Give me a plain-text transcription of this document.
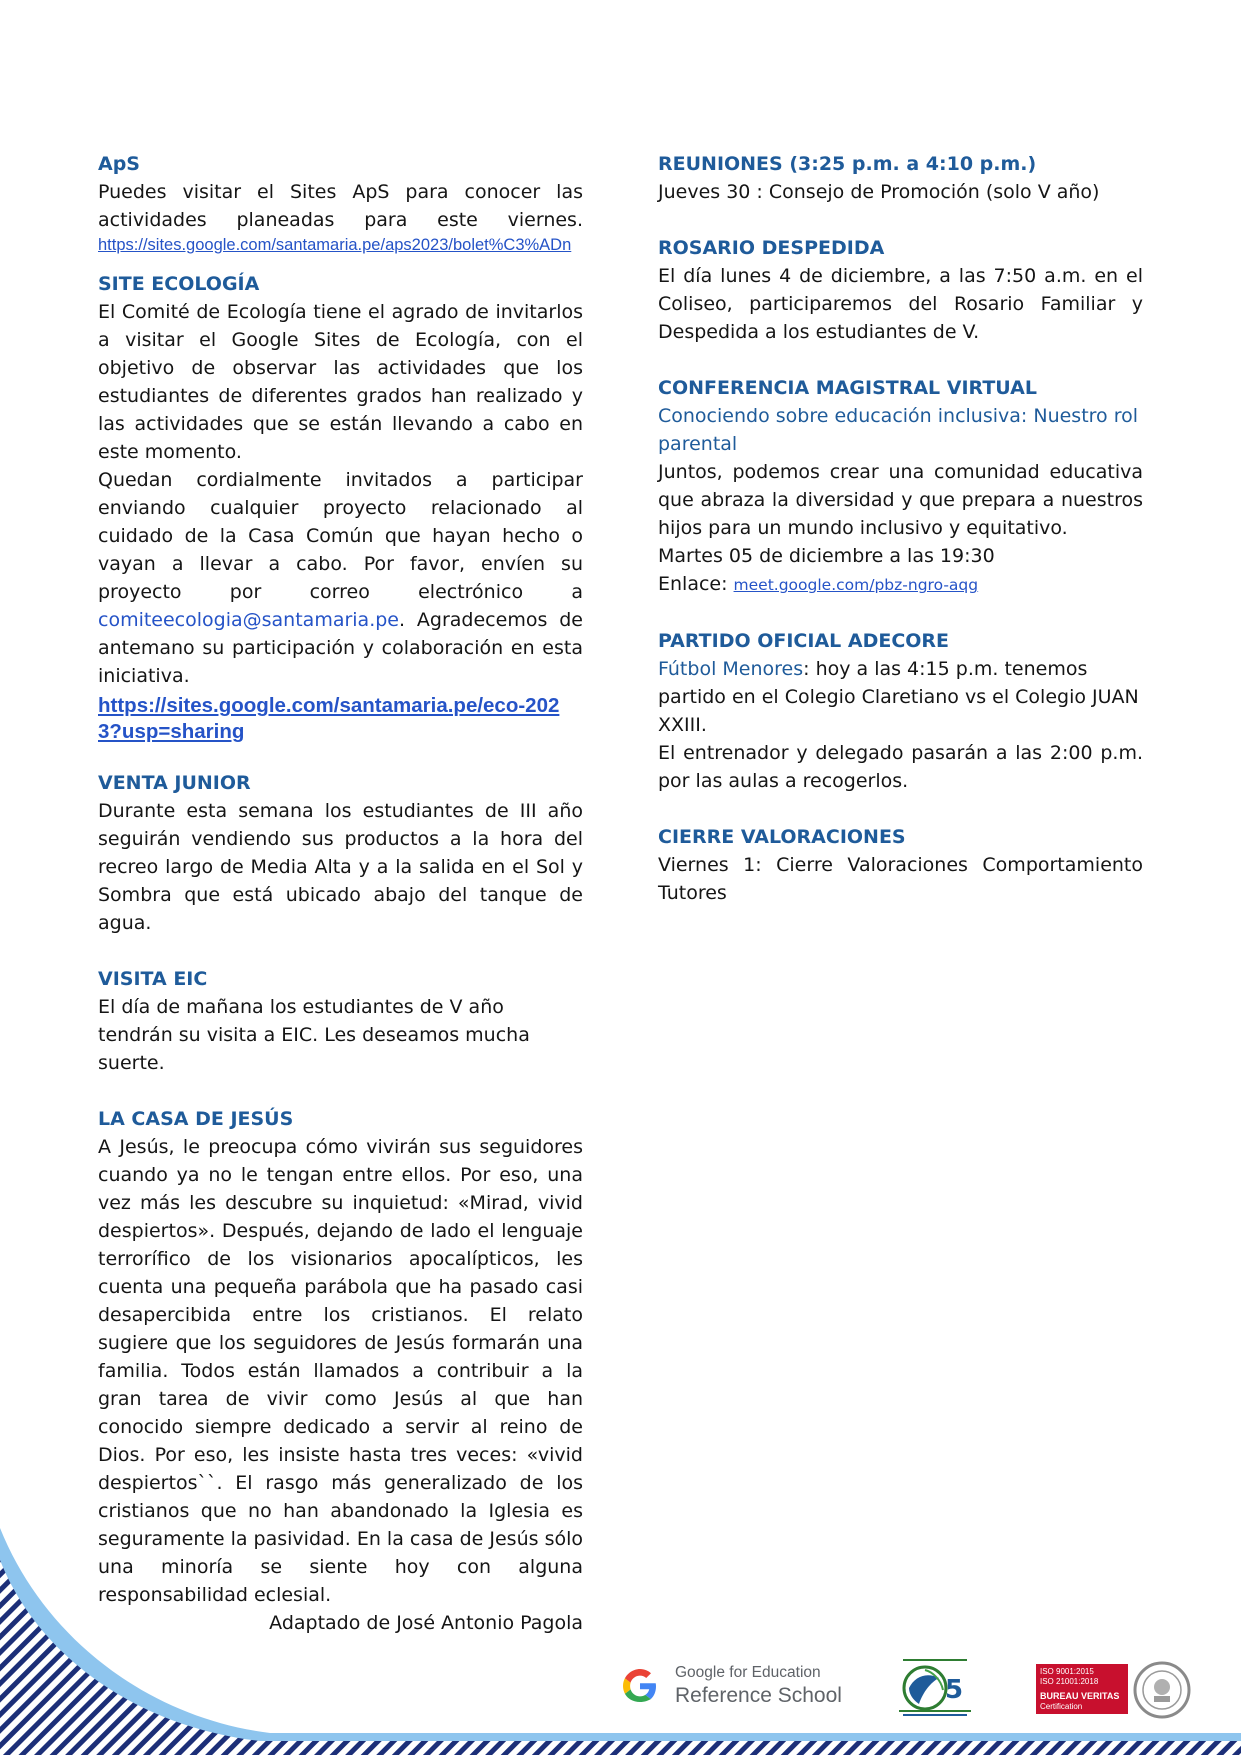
ApS

Puedes visitar el Sites ApS para conocer las actividades planeadas para este viernes.

https://sites.google.com/santamaria.pe/aps2023/bolet%C3%ADn
SITE ECOLOGÍA

El Comité de Ecología tiene el agrado de invitarlos a visitar el Google Sites de Ecología, con el objetivo de observar las actividades que los estudiantes de diferentes grados han realizado y las actividades que se están llevando a cabo en este momento.

Quedan cordialmente invitados a participar enviando cualquier proyecto relacionado al cuidado de la Casa Común que hayan hecho o vayan a llevar a cabo. Por favor, envíen su proyecto por correo electrónico a comiteecologia@santamaria.pe. Agradecemos de antemano su participación y colaboración en esta iniciativa.

https://sites.google.com/santamaria.pe/eco-2023?usp=sharing
VENTA JUNIOR

Durante esta semana los estudiantes de III año seguirán vendiendo sus productos a la hora del recreo largo de Media Alta y a la salida en el Sol y Sombra que está ubicado abajo del tanque de agua.

VISITA EIC

El día de mañana los estudiantes de V año tendrán su visita a EIC. Les deseamos mucha suerte.

LA CASA DE JESÚS

A Jesús, le preocupa cómo vivirán sus seguidores cuando ya no le tengan entre ellos. Por eso, una vez más les descubre su inquietud: «Mirad, vivid despiertos». Después, dejando de lado el lenguaje terrorífico de los visionarios apocalípticos, les cuenta una pequeña parábola que ha pasado casi desapercibida entre los cristianos. El relato sugiere que los seguidores de Jesús formarán una familia. Todos están llamados a contribuir a la gran tarea de vivir como Jesús al que han conocido siempre dedicado a servir al reino de Dios. Por eso, les insiste hasta tres veces: «vivid despiertos``. El rasgo más generalizado de los cristianos que no han abandonado la Iglesia es seguramente la pasividad. En la casa de Jesús sólo una minoría se siente hoy con alguna responsabilidad eclesial.

Adaptado de José Antonio Pagola

REUNIONES (3:25 p.m. a 4:10 p.m.)

Jueves 30 : Consejo de Promoción (solo V año)

ROSARIO DESPEDIDA

El día lunes 4 de diciembre, a las 7:50 a.m. en el Coliseo, participaremos del Rosario Familiar y Despedida a los estudiantes de V.

CONFERENCIA MAGISTRAL VIRTUAL

Conociendo sobre educación inclusiva: Nuestro rol parental

Juntos, podemos crear una comunidad educativa que abraza la diversidad y que prepara a nuestros hijos para un mundo inclusivo y equitativo.

Martes 05 de diciembre a las 19:30

Enlace: meet.google.com/pbz-ngro-aqg

PARTIDO OFICIAL ADECORE

Fútbol Menores: hoy a las 4:15 p.m. tenemos partido en el Colegio Claretiano vs el Colegio JUAN XXIII.

El entrenador y delegado pasarán a las 2:00 p.m. por las aulas a recogerlos.

CIERRE VALORACIONES

Viernes 1: Cierre Valoraciones Comportamiento Tutores

Google for Education
Reference School	5
ISO 9001:2015
ISO 21001:2018
BUREAU VERITAS
Certification
